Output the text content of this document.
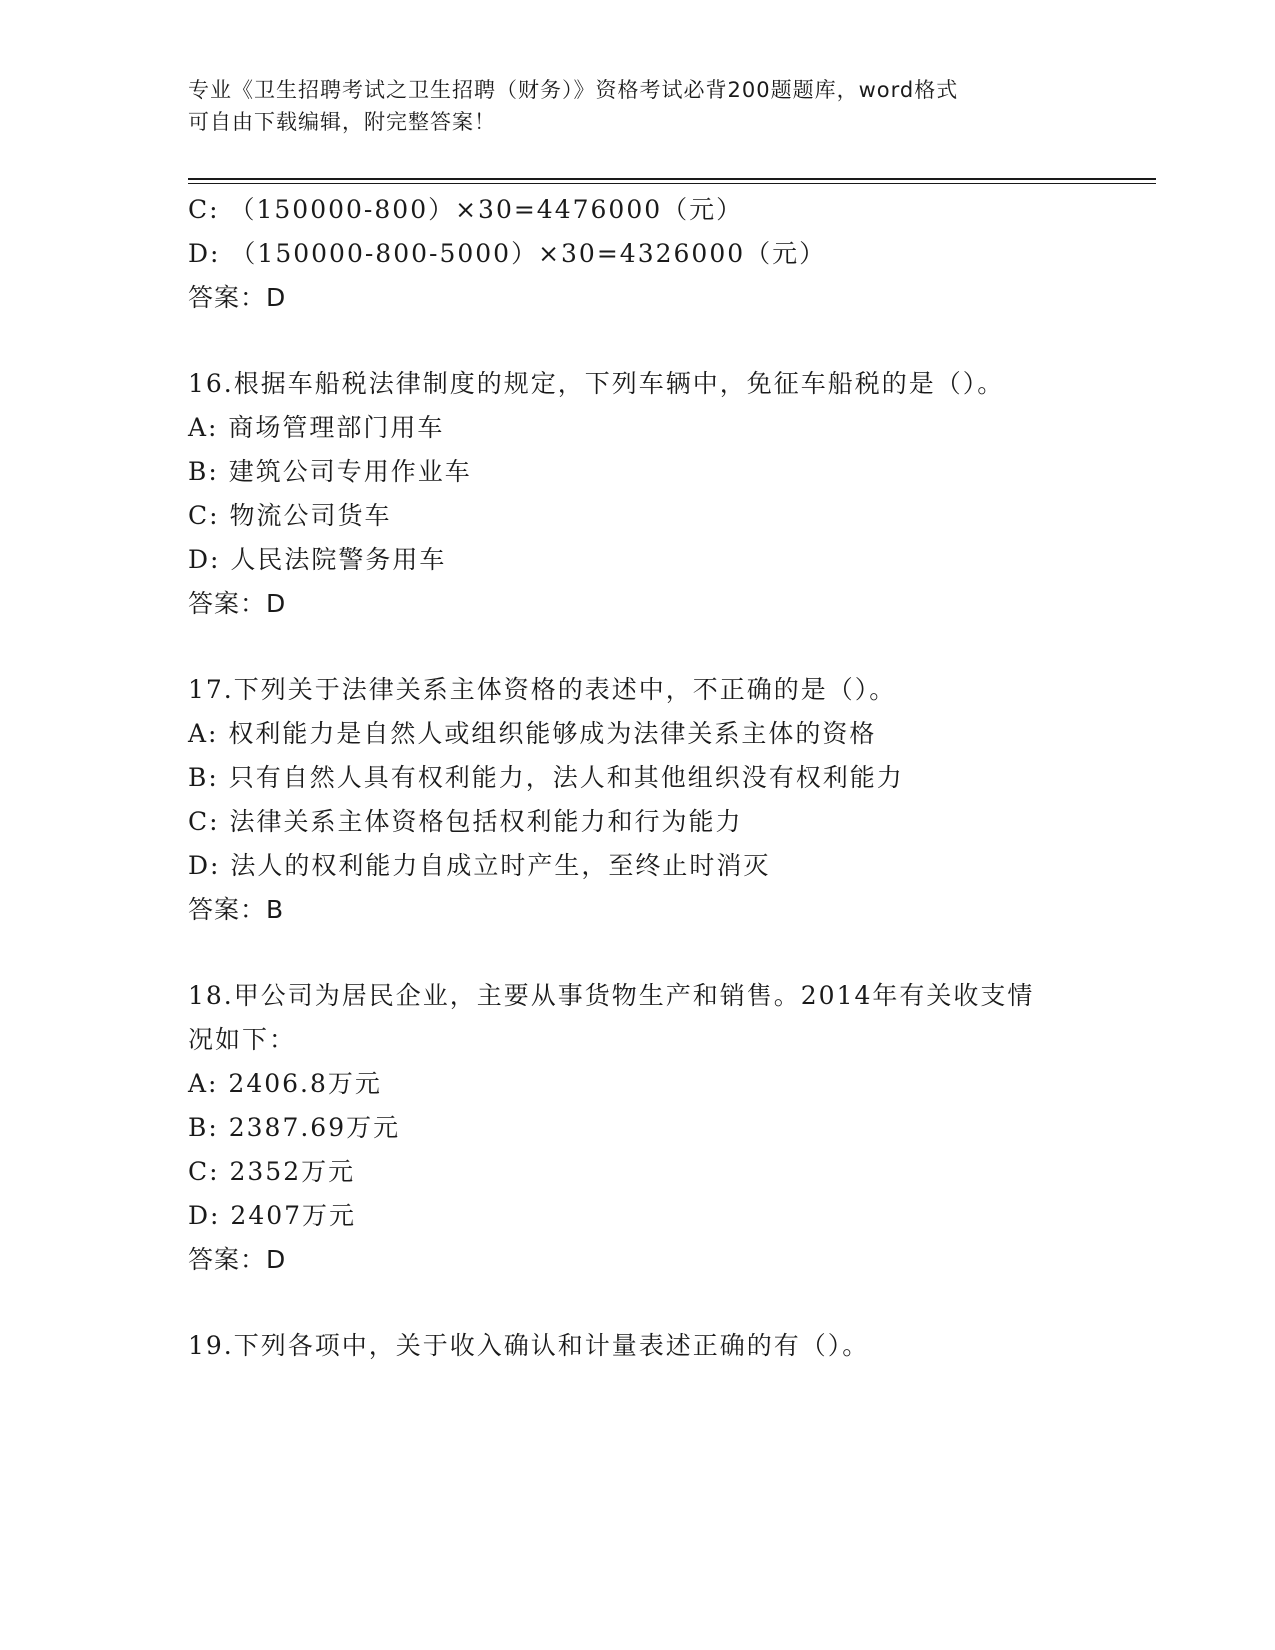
专业《卫生招聘考试之卫生招聘（财务）》资格考试必背200题题库，word格式
可自由下载编辑，附完整答案！
C: （150000-800）×30=4476000（元）
D: （150000-800-5000）×30=4326000（元）
答案：D
16.根据车船税法律制度的规定，下列车辆中，免征车船税的是（）。
A: 商场管理部门用车
B: 建筑公司专用作业车
C: 物流公司货车
D: 人民法院警务用车
答案：D
17.下列关于法律关系主体资格的表述中，不正确的是（）。
A: 权利能力是自然人或组织能够成为法律关系主体的资格
B: 只有自然人具有权利能力，法人和其他组织没有权利能力
C: 法律关系主体资格包括权利能力和行为能力
D: 法人的权利能力自成立时产生，至终止时消灭
答案：B
18.甲公司为居民企业，主要从事货物生产和销售。2014年有关收支情
况如下：
A: 2406.8万元
B: 2387.69万元
C: 2352万元
D: 2407万元
答案：D
19.下列各项中，关于收入确认和计量表述正确的有（）。
